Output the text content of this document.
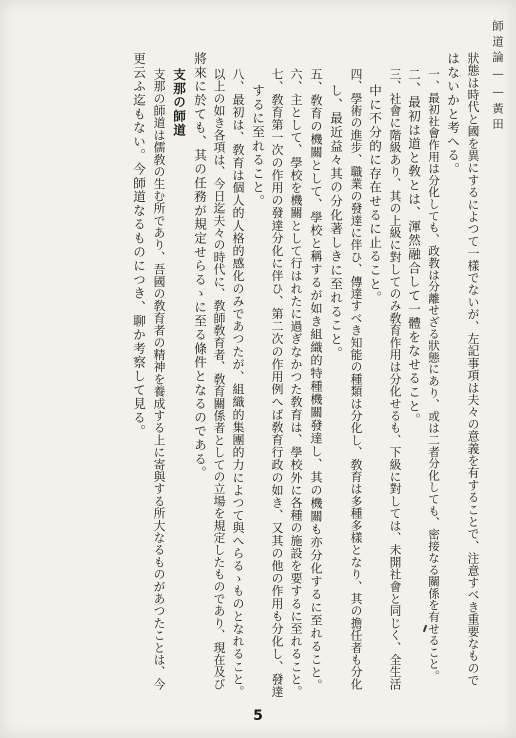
師道論——黃田
狀態は時代と國を異にするによつて一樣でないが、左記事項は夫々の意義を有することで、注意すべき重要なもので
はないかと考へる。
一、最初社會作用は分化しても、政教は分離せざる狀態にあり、或は二者分化しても、密接なる關係を有せること。
二、最初は道と敎とは、渾然融合して一體をなせること。
三、社會に階級あり、其の上級に對してのみ敎育作用は分化せるも、下級に對しては、未開社會と同じく、全生活
中に不分的に存在せるに止ること。
四、學術の進步、職業の發達に伴ひ、傳達すべき知能の種類は分化し、敎育は多種多樣となり、其の擔任者も分化
し、最近益々其の分化著しきに至れること。
五、敎育の機關として、學校と稱するが如き組織的特種機關發達し、其の機關も亦分化するに至れること。
六、主として、學校を機關として行はれたに過ぎなかつた敎育は、學校外に各種の施設を要するに至れること。
七、敎育第一次の作用の發達分化に伴ひ、第二次の作用例へば敎育行政の如き、又其の他の作用も分化し、發達
するに至れること。
八、最初は、敎育は個人的人格的感化のみであつたが、組織的集團的力によつて與へらるゝものとなれること。
以上の如き各項は、今日迄夫々の時代に、敎師敎育者、敎育關係者としての立場を規定したものであり、現在及び
將來に於ても、其の任務が規定せらるゝに至る條件となるのである。
支那の師道
支那の師道は儒敎の生む所であり、吾國の敎育者の精神を養成する上に寄與する所大なるものがあつたことは、今
更云ふ迄もない。今師道なるものにつき、聊か考察して見る。
5
